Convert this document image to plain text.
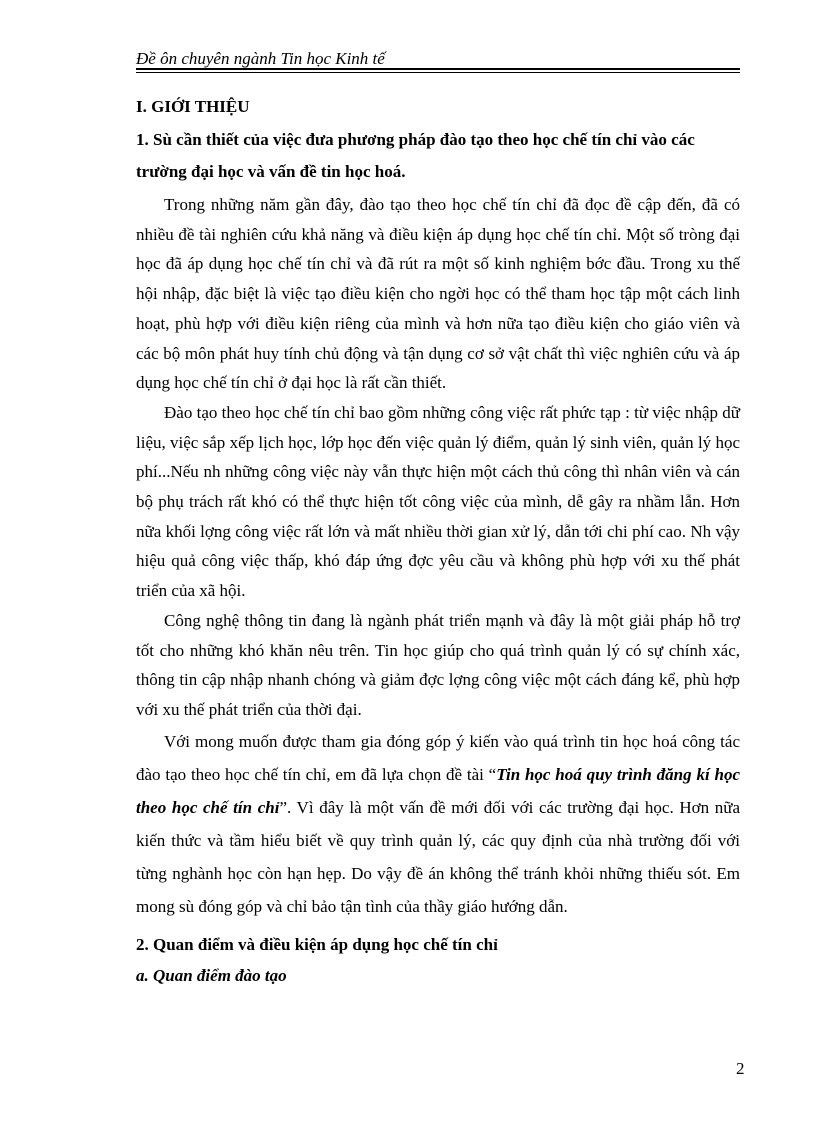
Đề ôn chuyên ngành Tin học Kinh tế
I. GIỚI THIỆU
1. Sù cần thiết của việc đưa phương pháp đào tạo theo học chế tín chỉ vào các trường đại học và vấn đề tin học hoá.

Trong những năm gần đây, đào tạo theo học chế tín chỉ đã đọc đề cập đến, đã có nhiều đề tài nghiên cứu khả năng và điều kiện áp dụng học chế tín chỉ. Một số tròng đại học đã áp dụng học chế tín chỉ và đã rút ra một số kinh nghiệm bớc đầu. Trong xu thế hội nhập, đặc biệt là việc tạo điều kiện cho ngời học có thể tham học tập một cách linh hoạt, phù hợp với điều kiện riêng của mình và hơn nữa tạo điều kiện cho giáo viên và các bộ môn phát huy tính chủ động và tận dụng cơ sở vật chất thì việc nghiên cứu và áp dụng học chế tín chỉ ở đại học là rất cần thiết.

Đào tạo theo học chế tín chỉ bao gồm những công việc rất phức tạp : từ việc nhập dữ liệu, việc sắp xếp lịch học, lớp học đến việc quản lý điểm, quản lý sinh viên, quản lý học phí...Nếu nh những công việc này vẫn thực hiện một cách thủ công thì nhân viên và cán bộ phụ trách rất khó có thể thực hiện tốt công việc của mình, dễ gây ra nhầm lẫn. Hơn nữa khối lợng công việc rất lớn và mất nhiều thời gian xử lý, dẫn tới chi phí cao. Nh vậy hiệu quả công việc thấp, khó đáp ứng đợc yêu cầu và không phù hợp với xu thế phát triển của xã hội.

Công nghệ thông tin đang là ngành phát triển mạnh và đây là một giải pháp hỗ trợ tốt cho những khó khăn nêu trên. Tin học giúp cho quá trình quản lý có sự chính xác, thông tin cập nhập nhanh chóng và giảm đợc lợng công việc một cách đáng kể, phù hợp với xu thế phát triển của thời đại.

Với mong muốn được tham gia đóng góp ý kiến vào quá trình tin học hoá công tác đào tạo theo học chế tín chỉ, em đã lựa chọn đề tài “Tin học hoá quy trình đăng kí học theo học chế tín chỉ”. Vì đây là một vấn đề mới đối với các trường đại học. Hơn nữa kiến thức và tầm hiểu biết về quy trình quản lý, các quy định của nhà trường đối với từng nghành học còn hạn hẹp. Do vậy đề án không thể tránh khỏi những thiếu sót. Em mong sù đóng góp và chỉ bảo tận tình của thầy giáo hướng dẫn.

2. Quan điểm và điều kiện áp dụng học chế tín chỉ
a. Quan điểm đào tạo
2
